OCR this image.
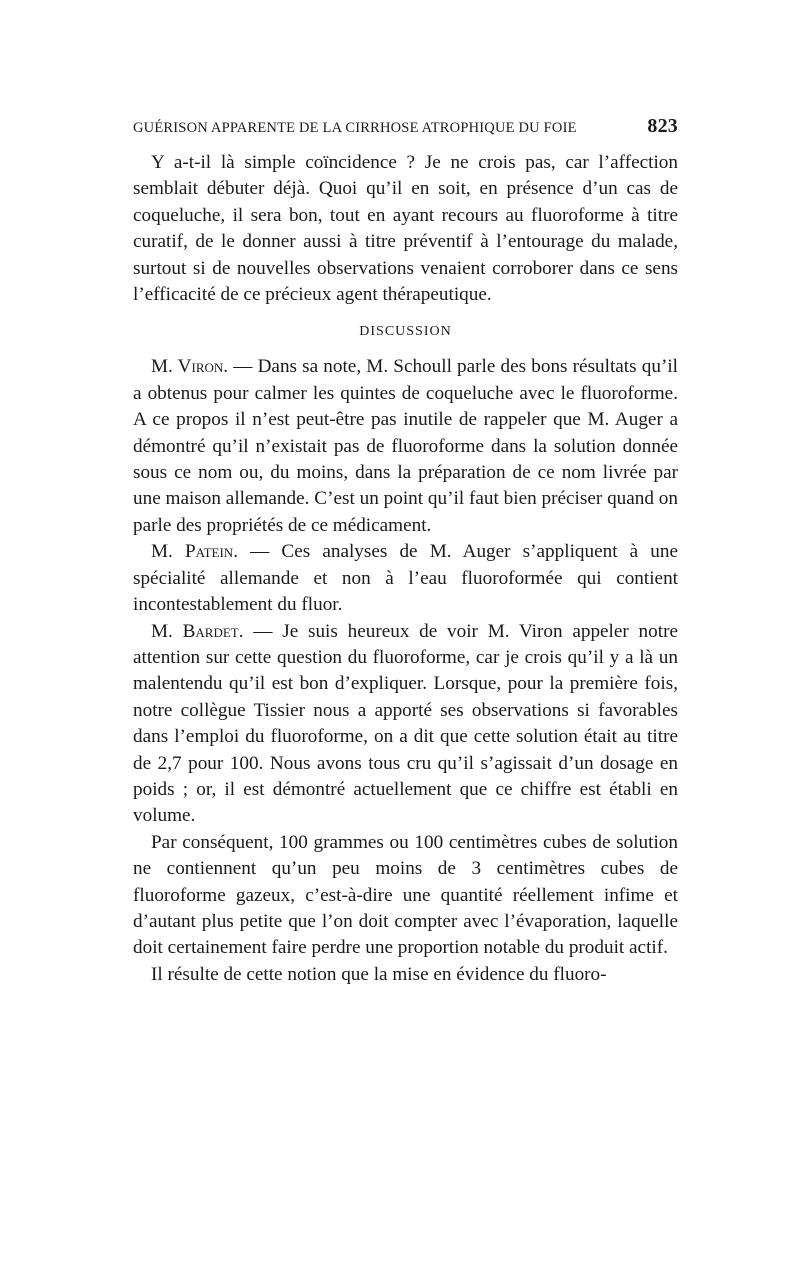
GUÉRISON APPARENTE DE LA CIRRHOSE ATROPHIQUE DU FOIE	823

Y a-t-il là simple coïncidence ? Je ne crois pas, car l’affection semblait débuter déjà. Quoi qu’il en soit, en présence d’un cas de coqueluche, il sera bon, tout en ayant recours au fluoroforme à titre curatif, de le donner aussi à titre préventif à l’entourage du malade, surtout si de nouvelles observations venaient corroborer dans ce sens l’efficacité de ce précieux agent thérapeutique.

DISCUSSION

M. Viron. — Dans sa note, M. Schoull parle des bons résultats qu’il a obtenus pour calmer les quintes de coqueluche avec le fluoroforme. A ce propos il n’est peut-être pas inutile de rappeler que M. Auger a démontré qu’il n’existait pas de fluoroforme dans la solution donnée sous ce nom ou, du moins, dans la préparation de ce nom livrée par une maison allemande. C’est un point qu’il faut bien préciser quand on parle des propriétés de ce médicament.

M. Patein. — Ces analyses de M. Auger s’appliquent à une spécialité allemande et non à l’eau fluoroformée qui contient incontestablement du fluor.

M. Bardet. — Je suis heureux de voir M. Viron appeler notre attention sur cette question du fluoroforme, car je crois qu’il y a là un malentendu qu’il est bon d’expliquer. Lorsque, pour la première fois, notre collègue Tissier nous a apporté ses observations si favorables dans l’emploi du fluoroforme, on a dit que cette solution était au titre de 2,7 pour 100. Nous avons tous cru qu’il s’agissait d’un dosage en poids ; or, il est démontré actuellement que ce chiffre est établi en volume.

Par conséquent, 100 grammes ou 100 centimètres cubes de solution ne contiennent qu’un peu moins de 3 centimètres cubes de fluoroforme gazeux, c’est-à-dire une quantité réellement infime et d’autant plus petite que l’on doit compter avec l’évaporation, laquelle doit certainement faire perdre une proportion notable du produit actif.

Il résulte de cette notion que la mise en évidence du fluoro-
